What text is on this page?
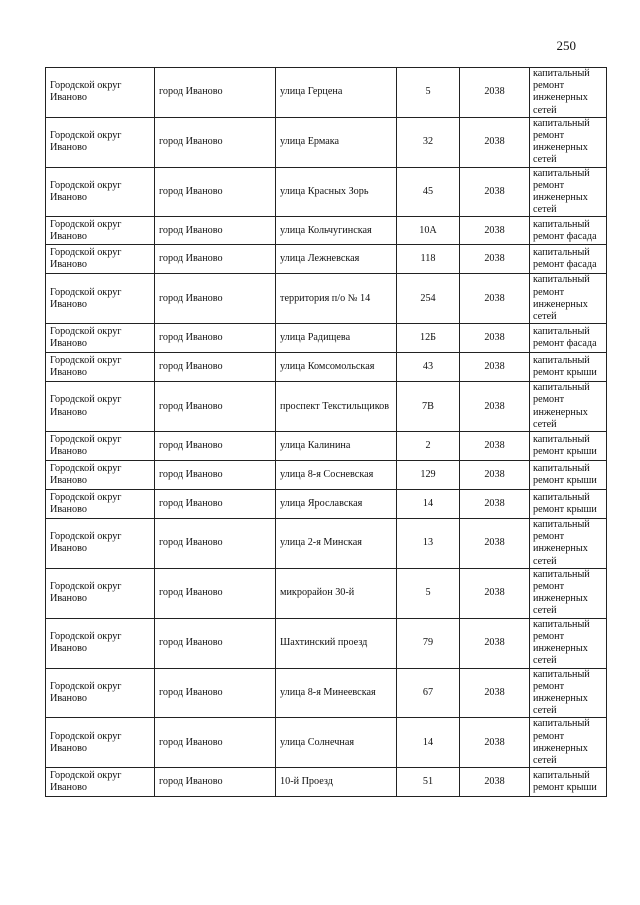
250
Городской округ Иваново	город Иваново	улица Герцена	5	2038	капитальный ремонт инженерных сетей
Городской округ Иваново	город Иваново	улица Ермака	32	2038	капитальный ремонт инженерных сетей
Городской округ Иваново	город Иваново	улица Красных Зорь	45	2038	капитальный ремонт инженерных сетей
Городской округ Иваново	город Иваново	улица Кольчугинская	10А	2038	капитальный ремонт фасада
Городской округ Иваново	город Иваново	улица Лежневская	118	2038	капитальный ремонт фасада
Городской округ Иваново	город Иваново	территория п/о № 14	254	2038	капитальный ремонт инженерных сетей
Городской округ Иваново	город Иваново	улица Радищева	12Б	2038	капитальный ремонт фасада
Городской округ Иваново	город Иваново	улица Комсомольская	43	2038	капитальный ремонт крыши
Городской округ Иваново	город Иваново	проспект Текстильщиков	7В	2038	капитальный ремонт инженерных сетей
Городской округ Иваново	город Иваново	улица Калинина	2	2038	капитальный ремонт крыши
Городской округ Иваново	город Иваново	улица 8-я Сосневская	129	2038	капитальный ремонт крыши
Городской округ Иваново	город Иваново	улица Ярославская	14	2038	капитальный ремонт крыши
Городской округ Иваново	город Иваново	улица 2-я Минская	13	2038	капитальный ремонт инженерных сетей
Городской округ Иваново	город Иваново	микрорайон 30-й	5	2038	капитальный ремонт инженерных сетей
Городской округ Иваново	город Иваново	Шахтинский проезд	79	2038	капитальный ремонт инженерных сетей
Городской округ Иваново	город Иваново	улица 8-я Минеевская	67	2038	капитальный ремонт инженерных сетей
Городской округ Иваново	город Иваново	улица Солнечная	14	2038	капитальный ремонт инженерных сетей
Городской округ Иваново	город Иваново	10-й Проезд	51	2038	капитальный ремонт крыши
